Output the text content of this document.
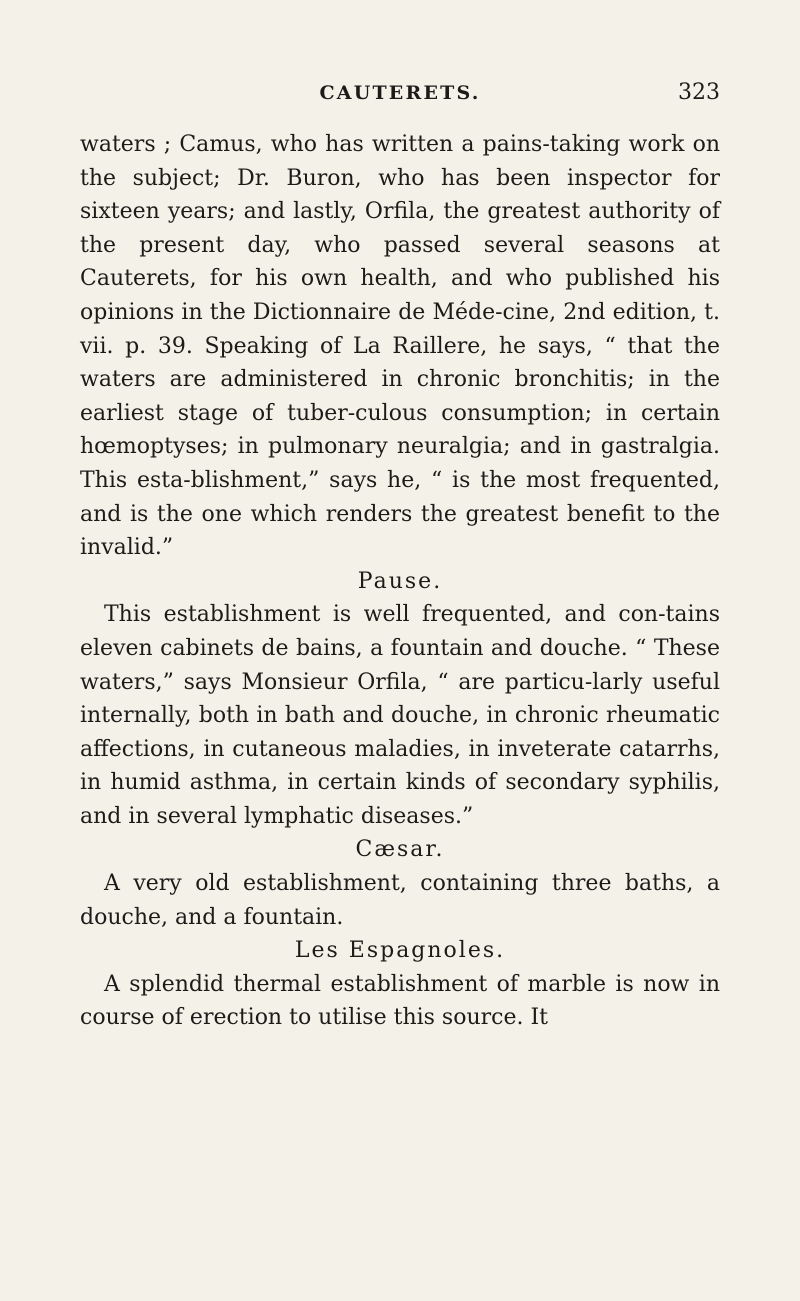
CAUTERETS.	323

waters ; Camus, who has written a pains-taking work on the subject; Dr. Buron, who has been inspector for sixteen years; and lastly, Orfila, the greatest authority of the present day, who passed several seasons at Cauterets, for his own health, and who published his opinions in the Dictionnaire de Méde-cine, 2nd edition, t. vii. p. 39. Speaking of La Raillere, he says, “ that the waters are administered in chronic bronchitis; in the earliest stage of tuber-culous consumption; in certain hœmoptyses; in pulmonary neuralgia; and in gastralgia. This esta-blishment,” says he, “ is the most frequented, and is the one which renders the greatest benefit to the invalid.”

Pause.

This establishment is well frequented, and con-tains eleven cabinets de bains, a fountain and douche. “ These waters,” says Monsieur Orfila, “ are particu-larly useful internally, both in bath and douche, in chronic rheumatic affections, in cutaneous maladies, in inveterate catarrhs, in humid asthma, in certain kinds of secondary syphilis, and in several lymphatic diseases.”

Cæsar.

A very old establishment, containing three baths, a douche, and a fountain.

Les Espagnoles.

A splendid thermal establishment of marble is now in course of erection to utilise this source. It
